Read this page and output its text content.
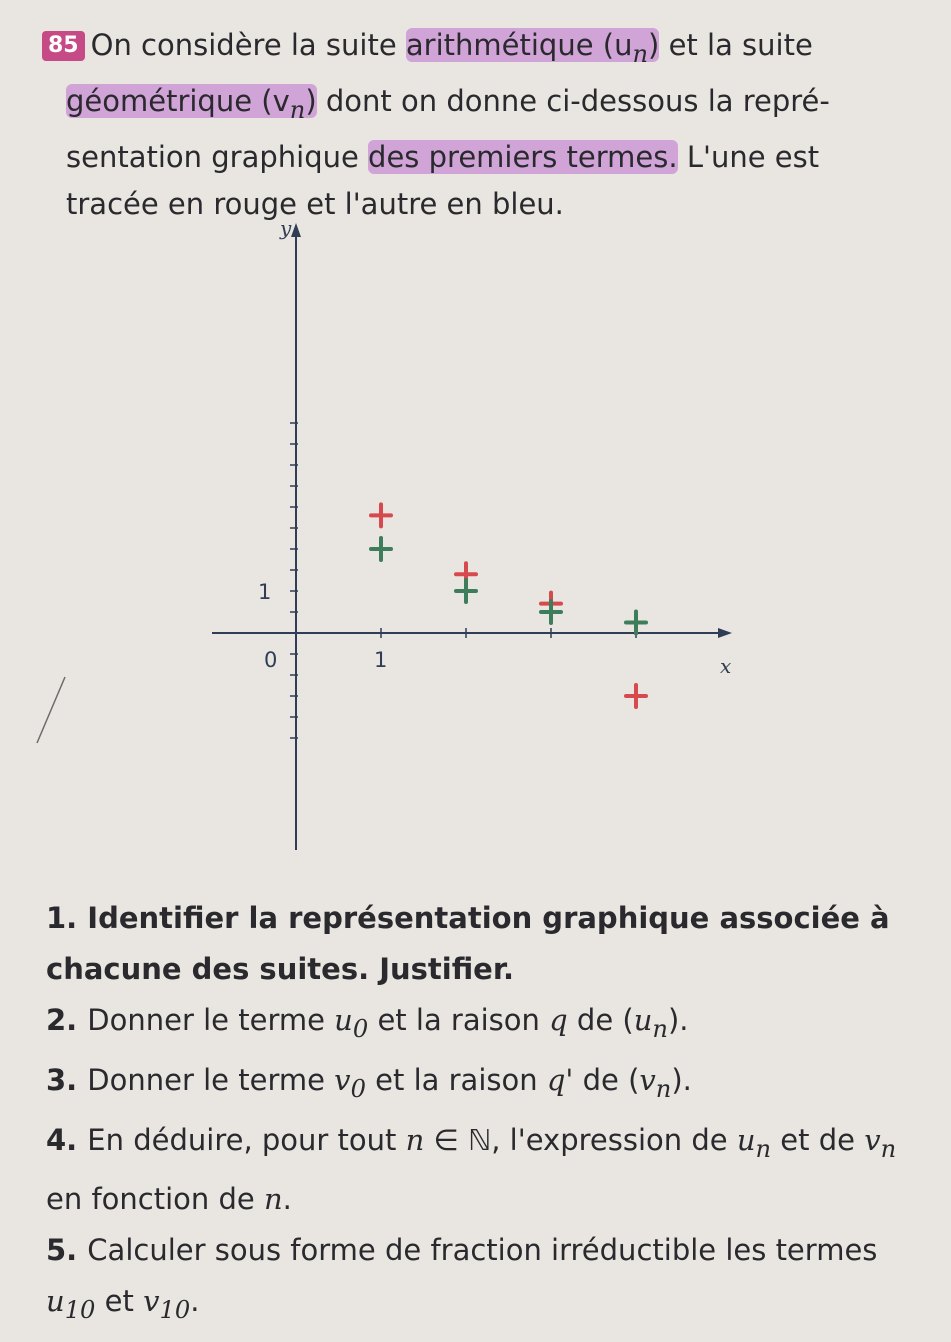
85 On considère la suite arithmétique $(u_n)$ et la suite géométrique $(v_n)$ dont on donne ci-dessous la repré-sentation graphique des premiers termes. L'une est tracée en rouge et l'autre en bleu.
y
x
0	1
1

1. Identifier la représentation graphique associée à chacune des suites. Justifier.

2. Donner le terme $u_0$ et la raison q de $(u_n)$.

3. Donner le terme $v_0$ et la raison q' de $(v_n)$.

4. En déduire, pour tout n ∈ ℕ, l'expression de $u_n$ et de $v_n$ en fonction de n.

5. Calculer sous forme de fraction irréductible les termes $u_{10}$ et $v_{10}$.
